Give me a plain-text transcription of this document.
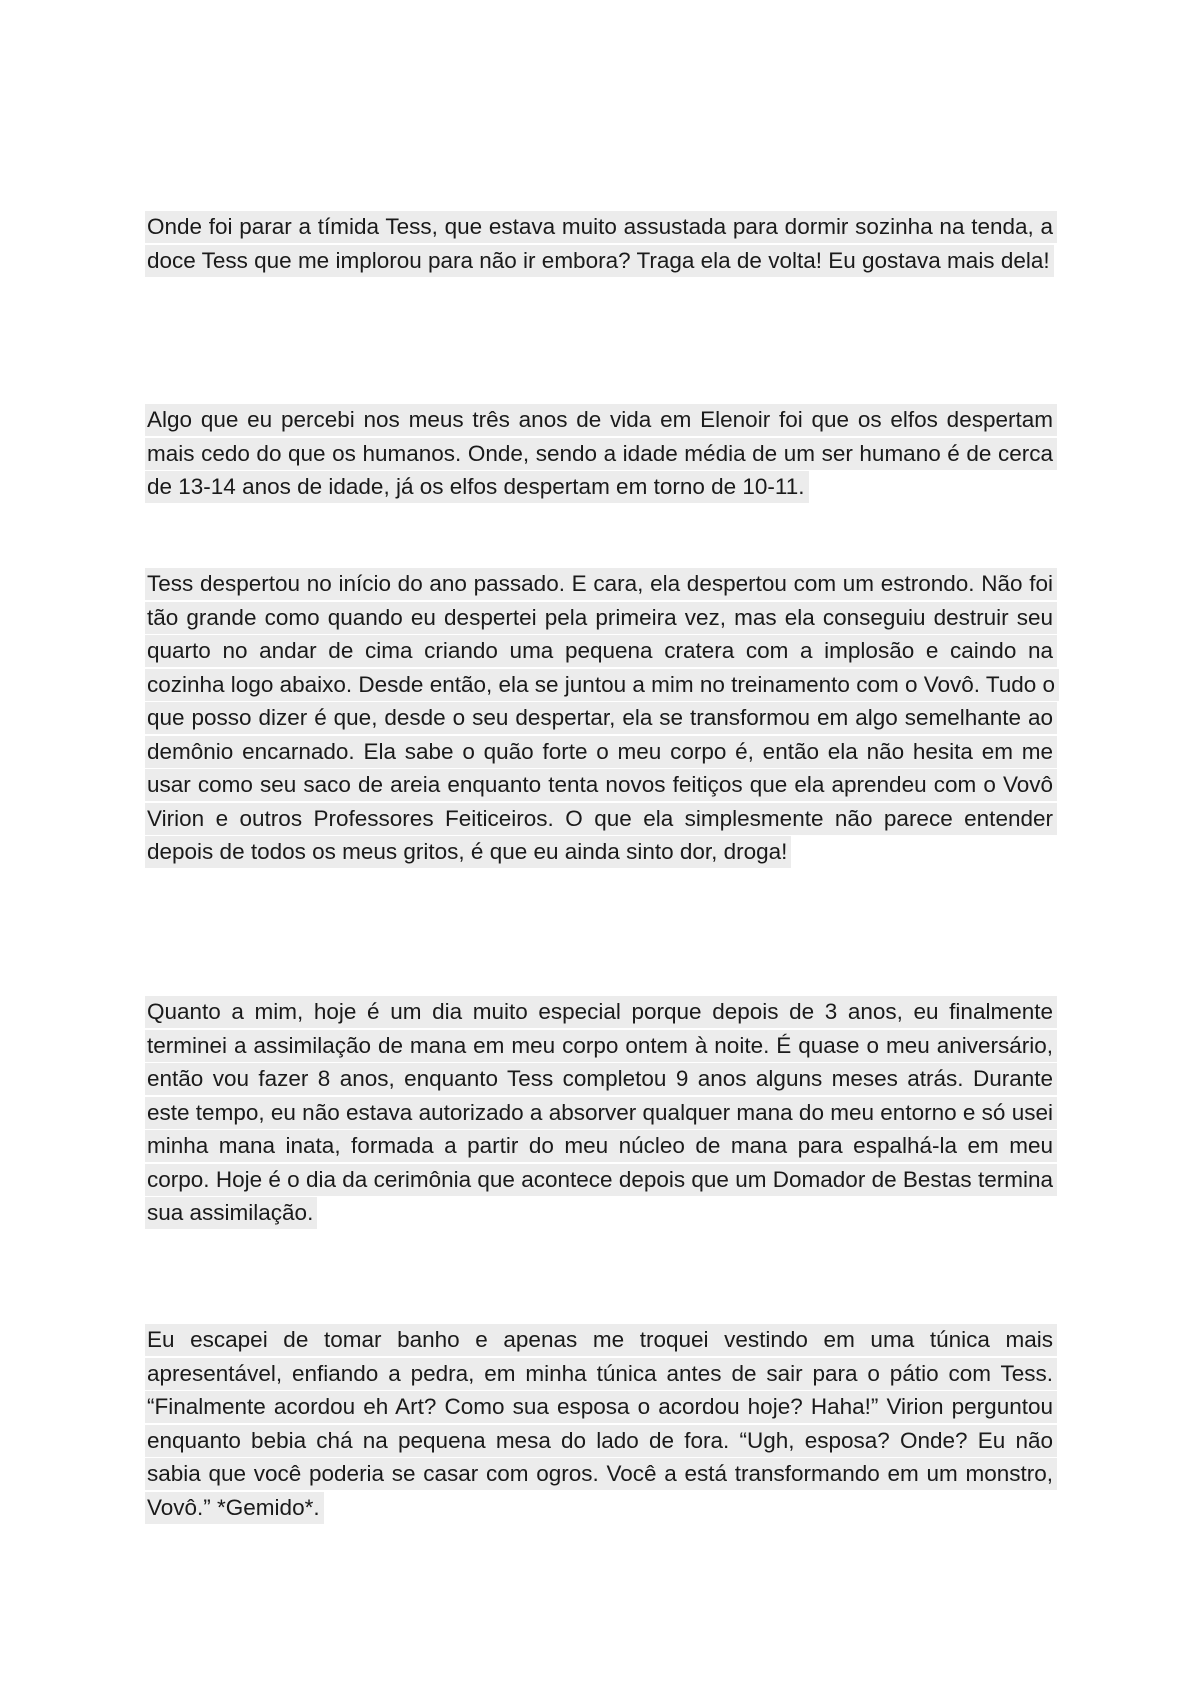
Onde foi parar a tímida Tess, que estava muito assustada para dormir sozinha na tenda, a doce Tess que me implorou para não ir embora? Traga ela de volta! Eu gostava mais dela!

Algo que eu percebi nos meus três anos de vida em Elenoir foi que os elfos despertam mais cedo do que os humanos. Onde, sendo a idade média de um ser humano é de cerca de 13-14 anos de idade, já os elfos despertam em torno de 10-11.

Tess despertou no início do ano passado. E cara, ela despertou com um estrondo. Não foi tão grande como quando eu despertei pela primeira vez, mas ela conseguiu destruir seu quarto no andar de cima criando uma pequena cratera com a implosão e caindo na cozinha logo abaixo. Desde então, ela se juntou a mim no treinamento com o Vovô. Tudo o que posso dizer é que, desde o seu despertar, ela se transformou em algo semelhante ao demônio encarnado. Ela sabe o quão forte o meu corpo é, então ela não hesita em me usar como seu saco de areia enquanto tenta novos feitiços que ela aprendeu com o Vovô Virion e outros Professores Feiticeiros. O que ela simplesmente não parece entender depois de todos os meus gritos, é que eu ainda sinto dor, droga!

Quanto a mim, hoje é um dia muito especial porque depois de 3 anos, eu finalmente terminei a assimilação de mana em meu corpo ontem à noite. É quase o meu aniversário, então vou fazer 8 anos, enquanto Tess completou 9 anos alguns meses atrás. Durante este tempo, eu não estava autorizado a absorver qualquer mana do meu entorno e só usei minha mana inata, formada a partir do meu núcleo de mana para espalhá-la em meu corpo. Hoje é o dia da cerimônia que acontece depois que um Domador de Bestas termina sua assimilação.

Eu escapei de tomar banho e apenas me troquei vestindo em uma túnica mais apresentável, enfiando a pedra, em minha túnica antes de sair para o pátio com Tess. “Finalmente acordou eh Art? Como sua esposa o acordou hoje? Haha!” Virion perguntou enquanto bebia chá na pequena mesa do lado de fora. “Ugh, esposa? Onde? Eu não sabia que você poderia se casar com ogros. Você a está transformando em um monstro, Vovô.” *Gemido*.
